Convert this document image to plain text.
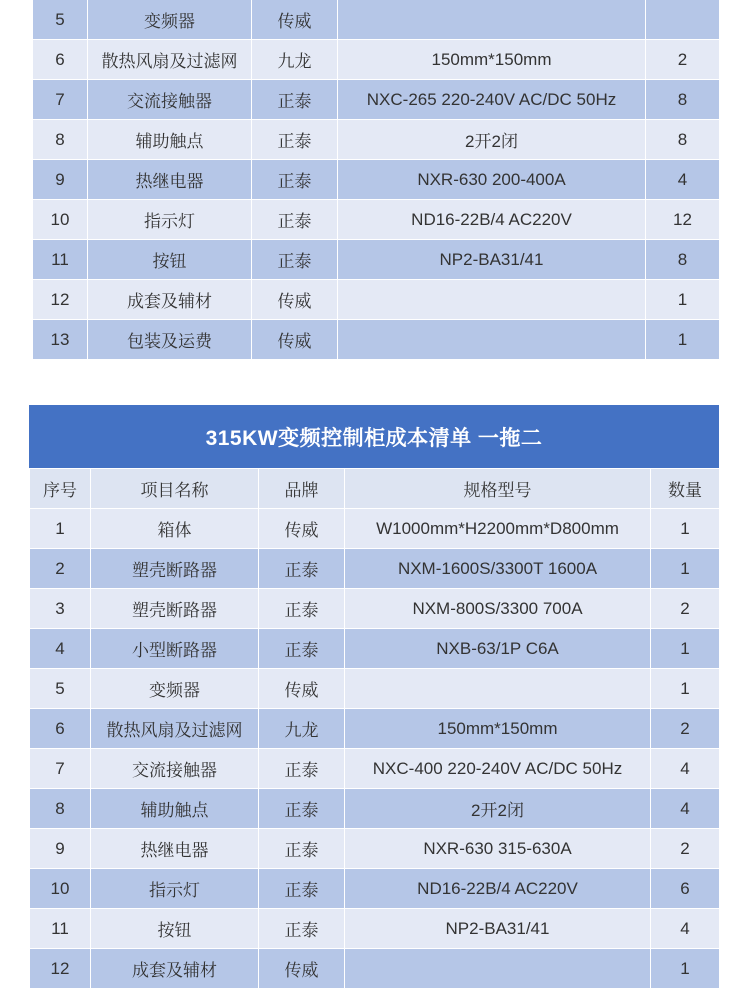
5	变频器	传威		
6	散热风扇及过滤网	九龙	150mm*150mm	2
7	交流接触器	正泰	NXC-265 220-240V AC/DC 50Hz	8
8	辅助触点	正泰	2开2闭	8
9	热继电器	正泰	NXR-630 200-400A	4
10	指示灯	正泰	ND16-22B/4 AC220V	12
11	按钮	正泰	NP2-BA31/41	8
12	成套及辅材	传威		1
13	包装及运费	传威		1
315KW变频控制柜成本清单 一拖二
序号	项目名称	品牌	规格型号	数量
1	箱体	传威	W1000mm*H2200mm*D800mm	1
2	塑壳断路器	正泰	NXM-1600S/3300T 1600A	1
3	塑壳断路器	正泰	NXM-800S/3300 700A	2
4	小型断路器	正泰	NXB-63/1P C6A	1
5	变频器	传威		1
6	散热风扇及过滤网	九龙	150mm*150mm	2
7	交流接触器	正泰	NXC-400 220-240V AC/DC 50Hz	4
8	辅助触点	正泰	2开2闭	4
9	热继电器	正泰	NXR-630 315-630A	2
10	指示灯	正泰	ND16-22B/4 AC220V	6
11	按钮	正泰	NP2-BA31/41	4
12	成套及辅材	传威		1
